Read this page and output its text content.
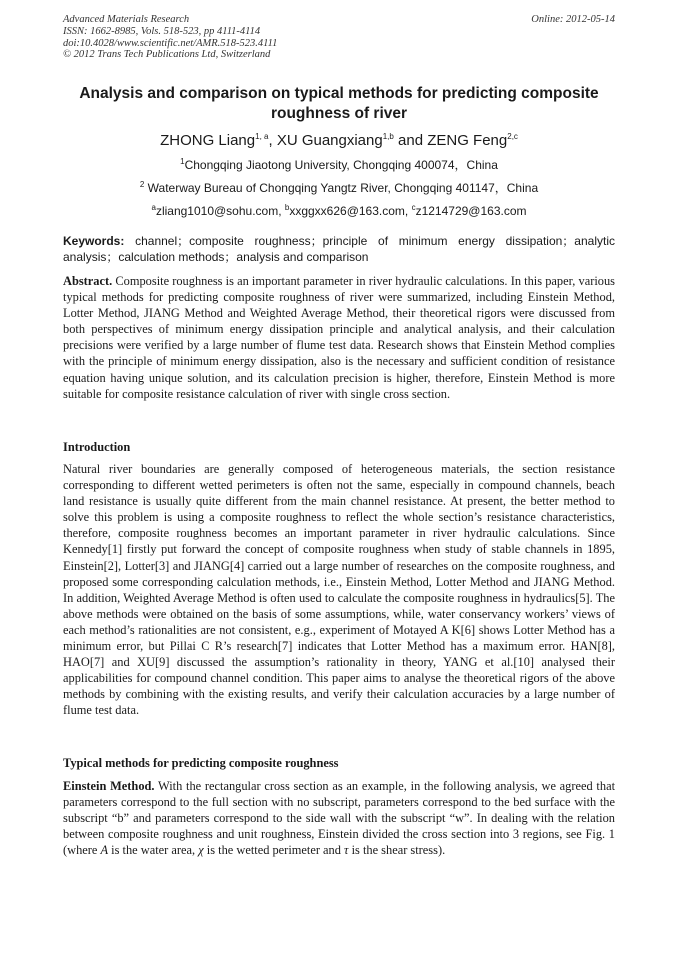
Advanced Materials Research
ISSN: 1662-8985, Vols. 518-523, pp 4111-4114
doi:10.4028/www.scientific.net/AMR.518-523.4111
© 2012 Trans Tech Publications Ltd, Switzerland
Online: 2012-05-14
Analysis and comparison on typical methods for predicting composite roughness of river
ZHONG Liang$^{1, a}$, XU Guangxiang$^{1,b}$ and ZENG Feng$^{2,c}$
$^1$Chongqing Jiaotong University, Chongqing 400074，China
$^2$ Waterway Bureau of Chongqing Yangtz River, Chongqing 401147，China
$^a$zliang1010@sohu.com, $^b$xxggxx626@163.com, $^c$z1214729@163.com
Keywords: channel；composite roughness；principle of minimum energy dissipation；analytic analysis；calculation methods；analysis and comparison

Abstract. Composite roughness is an important parameter in river hydraulic calculations. In this paper, various typical methods for predicting composite roughness of river were summarized, including Einstein Method, Lotter Method, JIANG Method and Weighted Average Method, their theoretical rigors were discussed from both perspectives of minimum energy dissipation principle and analytical analysis, and their calculation precisions were verified by a large number of flume test data. Research shows that Einstein Method complies with the principle of minimum energy dissipation, also is the necessary and sufficient condition of resistance equation having unique solution, and its calculation precision is higher, therefore, Einstein Method is more suitable for composite resistance calculation of river with single cross section.

Introduction

Natural river boundaries are generally composed of heterogeneous materials, the section resistance corresponding to different wetted perimeters is often not the same, especially in compound channels, beach land resistance is usually quite different from the main channel resistance. At present, the better method to solve this problem is using a composite roughness to reflect the whole section’s resistance characteristics, therefore, composite roughness becomes an important parameter in river hydraulic calculations. Since Kennedy[1] firstly put forward the concept of composite roughness when study of stable channels in 1895, Einstein[2], Lotter[3] and JIANG[4] carried out a large number of researches on the composite roughness, and proposed some corresponding calculation methods, i.e., Einstein Method, Lotter Method and JIANG Method. In addition, Weighted Average Method is often used to calculate the composite roughness in hydraulics[5]. The above methods were obtained on the basis of some assumptions, while, water conservancy workers’ views of each method’s rationalities are not consistent, e.g., experiment of Motayed A K[6] shows Lotter Method has a minimum error, but Pillai C R’s research[7] indicates that Lotter Method has a maximum error. HAN[8], HAO[7] and XU[9] discussed the assumption’s rationality in theory, YANG et al.[10] analysed their applicabilities for compound channel condition. This paper aims to analyse the theoretical rigors of the above methods by combining with the existing results, and verify their calculation accuracies by a large number of flume test data.

Typical methods for predicting composite roughness

Einstein Method. With the rectangular cross section as an example, in the following analysis, we agreed that parameters correspond to the full section with no subscript, parameters correspond to the bed surface with the subscript “b” and parameters correspond to the side wall with the subscript “w”. In dealing with the relation between composite roughness and unit roughness, Einstein divided the cross section into 3 regions, see Fig. 1 (where A is the water area, χ is the wetted perimeter and τ is the shear stress).
